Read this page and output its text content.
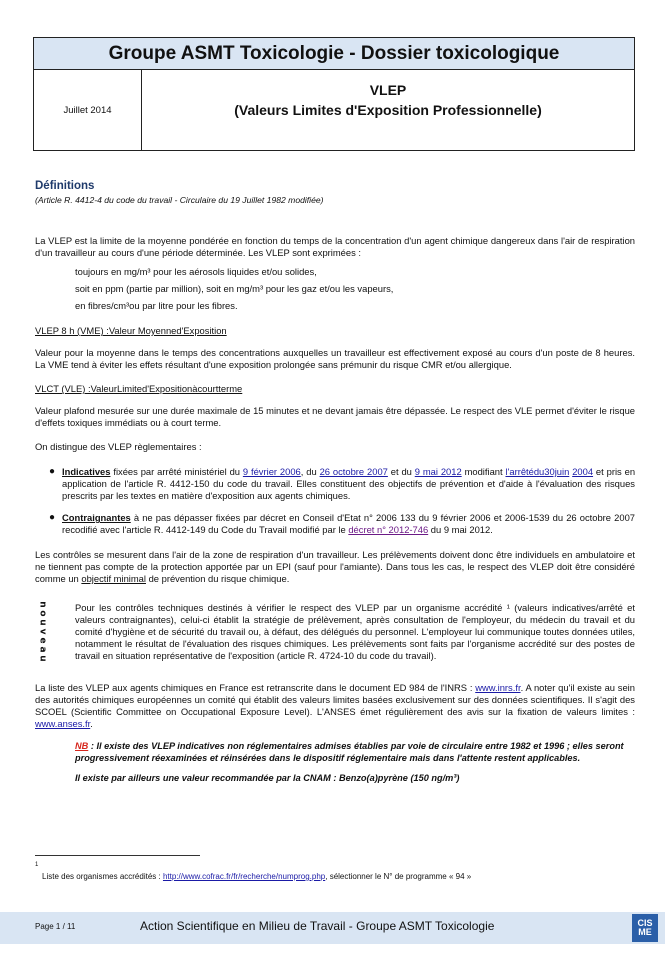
Groupe ASMT Toxicologie - Dossier toxicologique
Juillet 2014
VLEP
(Valeurs Limites d'Exposition Professionnelle)
Définitions
(Article R. 4412-4 du code du travail - Circulaire du 19 Juillet 1982 modifiée)
La VLEP est la limite de la moyenne pondérée en fonction du temps de la concentration d'un agent chimique dangereux dans l'air de respiration d'un travailleur au cours d'une période déterminée. Les VLEP sont exprimées :
toujours en mg/m³ pour les aérosols liquides et/ou solides,
soit en ppm (partie par million), soit en mg/m³ pour les gaz et/ou les vapeurs,
en fibres/cm³ou par litre pour les fibres.
VLEP 8 h (VME) :Valeur Moyenned'Exposition
Valeur pour la moyenne dans le temps des concentrations auxquelles un travailleur est effectivement exposé au cours d'un poste de 8 heures. La VME tend à éviter les effets résultant d'une exposition prolongée sans prémunir du risque CMR et/ou allergique.
VLCT (VLE) :ValeurLimited'Expositionàcourtterme
Valeur plafond mesurée sur une durée maximale de 15 minutes et ne devant jamais être dépassée. Le respect des VLE permet d'éviter le risque d'effets toxiques immédiats ou à court terme.
On distingue des VLEP règlementaires :
● Indicatives fixées par arrêté ministériel du 9 février 2006, du 26 octobre 2007 et du 9 mai 2012 modifiant l'arrêtédu30juin 2004 et pris en application de l'article R. 4412-150 du code du travail. Elles constituent des objectifs de prévention et d'aide à l'évaluation des risques prescrits par les textes en matière d'exposition aux agents chimiques.
● Contraignantes à ne pas dépasser fixées par décret en Conseil d'Etat n° 2006 133 du 9 février 2006 et 2006-1539 du 26 octobre 2007 recodifié avec l'article R. 4412-149 du Code du Travail modifié par le décret n° 2012-746 du 9 mai 2012.
Les contrôles se mesurent dans l'air de la zone de respiration d'un travailleur. Les prélèvements doivent donc être individuels en ambulatoire et ne tiennent pas compte de la protection apportée par un EPI (sauf pour l'amiante). Dans tous les cas, le respect des VLEP doit être considéré comme un objectif minimal de prévention du risque chimique.
n
o
u
v
e
a
u
Pour les contrôles techniques destinés à vérifier le respect des VLEP par un organisme accrédité ¹ (valeurs indicatives/arrêté et valeurs contraignantes), celui-ci établit la stratégie de prélèvement, après consultation de l'employeur, du médecin du travail et du comité d'hygiène et de sécurité du travail ou, à défaut, des délégués du personnel. L'employeur lui communique toutes données utiles, notamment le résultat de l'évaluation des risques chimiques. Les prélèvements sont faits par l'organisme accrédité sur des postes de travail en situation représentative de l'exposition (article R. 4724-10 du code du travail).
La liste des VLEP aux agents chimiques en France est retranscrite dans le document ED 984 de l'INRS : www.inrs.fr. A noter qu'il existe au sein des autorités chimiques européennes un comité qui établit des valeurs limites basées exclusivement sur des données scientifiques. Il s'agit des SCOEL (Scientific Committee on Occupational Exposure Level). L'ANSES émet régulièrement des avis sur la fixation de valeurs limites : www.anses.fr.
NB : Il existe des VLEP indicatives non réglementaires admises établies par voie de circulaire entre 1982 et 1996 ; elles seront progressivement réexaminées et réinsérées dans le dispositif réglementaire mais dans l'attente restent applicables.
Il existe par ailleurs une valeur recommandée par la CNAM : Benzo(a)pyrène (150 ng/m³)
1
Liste des organismes accrédités : http://www.cofrac.fr/fr/recherche/numprog.php, sélectionner le N° de programme « 94 »
Page 1 / 11	Action Scientifique en Milieu de Travail - Groupe ASMT Toxicologie	CIS
ME
